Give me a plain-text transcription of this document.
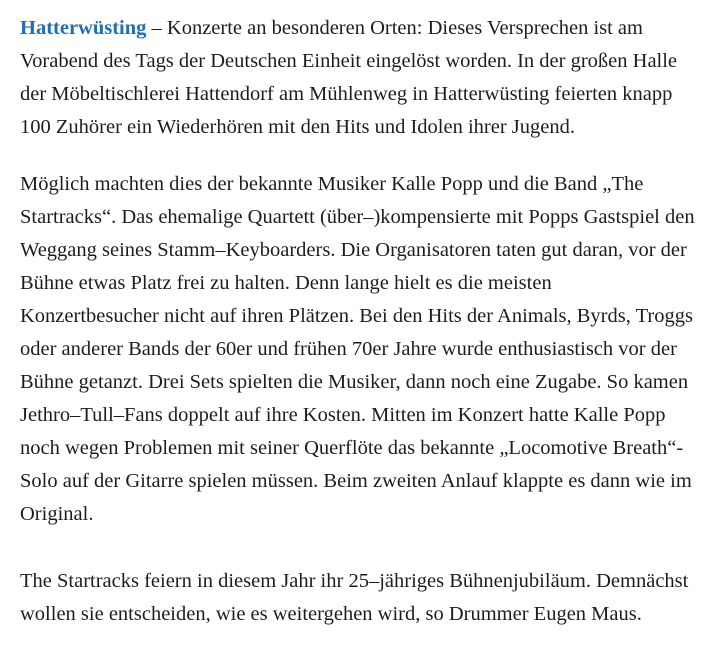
Hatterwüsting – Konzerte an besonderen Orten: Dieses Versprechen ist am Vorabend des Tags der Deutschen Einheit eingelöst worden. In der großen Halle der Möbeltischlerei Hattendorf am Mühlenweg in Hatterwüsting feierten knapp 100 Zuhörer ein Wiederhören mit den Hits und Idolen ihrer Jugend.

Möglich machten dies der bekannte Musiker Kalle Popp und die Band „The Startracks“. Das ehemalige Quartett (über–)kompensierte mit Popps Gastspiel den Weggang seines Stamm–Keyboarders. Die Organisatoren taten gut daran, vor der Bühne etwas Platz frei zu halten. Denn lange hielt es die meisten Konzertbesucher nicht auf ihren Plätzen. Bei den Hits der Animals, Byrds, Troggs oder anderer Bands der 60er und frühen 70er Jahre wurde enthusiastisch vor der Bühne getanzt. Drei Sets spielten die Musiker, dann noch eine Zugabe. So kamen Jethro–Tull–Fans doppelt auf ihre Kosten. Mitten im Konzert hatte Kalle Popp noch wegen Problemen mit seiner Querflöte das bekannte „Locomotive Breath“-Solo auf der Gitarre spielen müssen. Beim zweiten Anlauf klappte es dann wie im Original.

The Startracks feiern in diesem Jahr ihr 25–jähriges Bühnenjubiläum. Demnächst wollen sie entscheiden, wie es weitergehen wird, so Drummer Eugen Maus.
